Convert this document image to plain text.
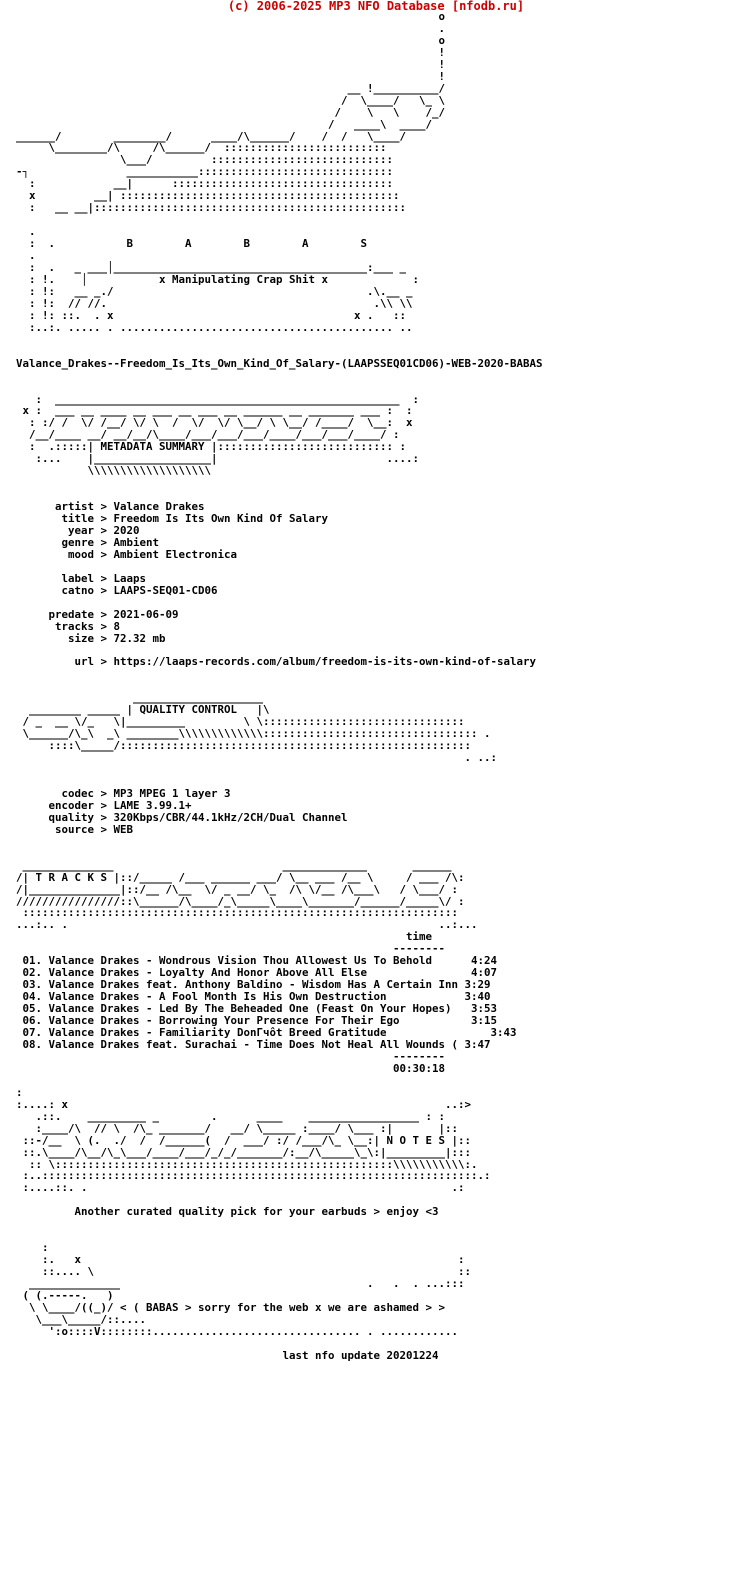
(c) 2006-2025 MP3 NFO Database [nfodb.ru]
o
.
o
!
!
!
__ !__________/
/  \____/   \_ \
/    \   \    /_/
/   ____\  ____/
______/        ________/      ____/\______/    /  /   \____/
\________/\     /\______/  :::::::::::::::::::::::::
\___/         ::::::::::::::::::::::::::::
-┐               ___________::::::::::::::::::::::::::::::
:            __|      ::::::::::::::::::::::::::::::::::
x         __| :::::::::::::::::::::::::::::::::::::::::::
:   __ __|::::::::::::::::::::::::::::::::::::::::::::::::

.
:  .           B        A        B        A        S
.
:  .   _ ___│_______________________________________:___ _
: !.    │           x Manipulating Crap Shit x             :
: !:   __ _./                                       .\.__ _
: !:  // //.                                         .\\ \\
: !: ::.  . x                                     x .   ::
:..:. ..... . .......................................... ..

Valance_Drakes--Freedom_Is_Its_Own_Kind_Of_Salary-(LAAPSSEQ01CD06)-WEB-2020-BABAS

:  _____________________________________________________  :
x :  ___ __ ____ __ ___ __ ___ __ ______ __ _______ ___ :  :
: :/ /  \/ /__/ \/ \  /  \/  \/ \__/ \ \__/ /____/  \__:  x
/__/____ __/ __/__/\____/___/___/___/____/___/___/____/ :
:  .:::::| METADATA SUMMARY |::::::::::::::::::::::::::: :
:...    |__________________|                          ....:
\\\\\\\\\\\\\\\\\\\

artist > Valance Drakes
title > Freedom Is Its Own Kind Of Salary
year > 2020
genre > Ambient
mood > Ambient Electronica

label > Laaps
catno > LAAPS-SEQ01-CD06

predate > 2021-06-09
tracks > 8
size > 72.32 mb

url > https://laaps-records.com/album/freedom-is-its-own-kind-of-salary

____________________
________ _____ | QUALITY CONTROL   |\
/ _  __ \/_   \|_________         \ \:::::::::::::::::::::::::::::::
\______/\_\  _\ ________\\\\\\\\\\\\\::::::::::::::::::::::::::::::::: .
::::\_____/::::::::::::::::::::::::::::::::::::::::::::::::::::::
. ..:

codec > MP3 MPEG 1 layer 3
encoder > LAME 3.99.1+
quality > 320Kbps/CBR/44.1kHz/2CH/Dual Channel
source > WEB

______________                          _____________       ______
/| T R A C K S |::/_____ /___ ______ ___/ \__ ___ /__ \     / ___ /\:
/|______________|::/__ /\__  \/ _ __/ \_  /\ \/__ /\___\   / \___/ :
////////////////::\______/\____/_\_____\____\_______/______/_____\/ :
:::::::::::::::::::::::::::::::::::::::::::::::::::::::::::::::::::
...:.. .                                                         ..:...
time
--------
01. Valance Drakes - Wondrous Vision Thou Allowest Us To Behold      4:24
02. Valance Drakes - Loyalty And Honor Above All Else                4:07
03. Valance Drakes feat. Anthony Baldino - Wisdom Has A Certain Inn 3:29
04. Valance Drakes - A Fool Month Is His Own Destruction            3:40
05. Valance Drakes - Led By The Beheaded One (Feast On Your Hopes)   3:53
06. Valance Drakes - Borrowing Your Presence For Their Ego           3:15
07. Valance Drakes - Familiarity DonГчôt Breed Gratitude                3:43
08. Valance Drakes feat. Surachai - Time Does Not Heal All Wounds ( 3:47
--------
00:30:18

:
:....: x                                                          ..:>
.::.    _________ _        .      ____    _________________ : :
:____/\  // \  /\_ _______/   __/ \_____ :____/ \___ :|       |::
::-/__  \ (.  ./  /  /______(  /  ___/ :/ /___/\_ \__:| N O T E S |::
::.\____/\__/\_\___/____/___/_/_/_______/:__/\_____\_\:|_________|:::
:: \::::::::::::::::::::::::::::::::::::::::::::::::::::\\\\\\\\\\\:.
:..:::::::::::::::::::::::::::::::::::::::::::::::::::::::::::::::::::.:
:....::. .                                                        .:

Another curated quality pick for your earbuds > enjoy <3

:
:.   x                                                          :
::.... \                                                        ::
______________                                      .   .  . ...:::
( (.-----.   )
\ \____/((_)/ < ( BABAS > sorry for the web x we are ashamed > >
\___\_____/::....
':o::::V::::::::................................ . ............

last nfo update 20201224
